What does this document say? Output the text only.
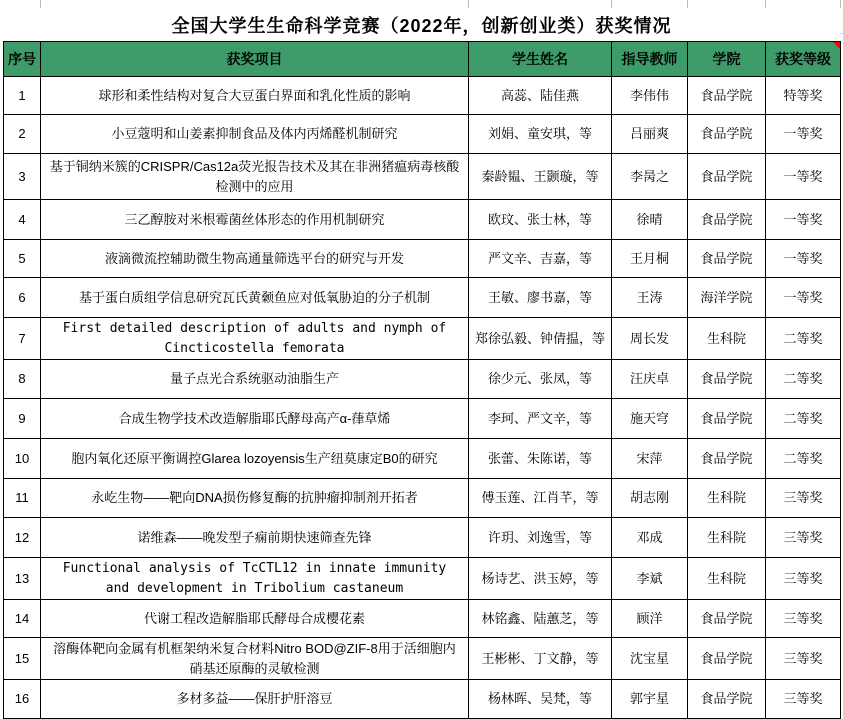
全国大学生生命科学竞赛（2022年，创新创业类）获奖情况
序号	获奖项目	学生姓名	指导教师	学院	获奖等级

1	球形和柔性结构对复合大豆蛋白界面和乳化性质的影响	高蕊、陆佳燕	李伟伟	食品学院	特等奖
2	小豆蔻明和山姜素抑制食品及体内丙烯醛机制研究	刘娟、童安琪，等	吕丽爽	食品学院	一等奖
3	基于铜纳米簇的CRISPR/Cas12a荧光报告技术及其在非洲猪瘟病毒核酸检测中的应用	秦龄韫、王颢璇，等	李昺之	食品学院	一等奖
4	三乙醇胺对米根霉菌丝体形态的作用机制研究	欧玟、张士林，等	徐晴	食品学院	一等奖
5	液滴微流控辅助微生物高通量筛选平台的研究与开发	严文辛、吉嘉，等	王月桐	食品学院	一等奖
6	基于蛋白质组学信息研究瓦氏黄颡鱼应对低氧胁迫的分子机制	王敏、廖书嘉，等	王涛	海洋学院	一等奖
7	First detailed description of adults and nymph of Cincticostella femorata	郑徐弘毅、钟倩揾，等	周长发	生科院	二等奖
8	量子点光合系统驱动油脂生产	徐少元、张凤，等	汪庆卓	食品学院	二等奖
9	合成生物学技术改造解脂耶氏酵母高产α-葎草烯	李珂、严文辛，等	施天穹	食品学院	二等奖
10	胞内氧化还原平衡调控Glarea lozoyensis生产纽莫康定B0的研究	张蕾、朱陈诺，等	宋萍	食品学院	二等奖
11	永屹生物——靶向DNA损伤修复酶的抗肿瘤抑制剂开拓者	傅玉莲、江肖芊，等	胡志刚	生科院	三等奖
12	诺维森——晚发型子痫前期快速筛查先锋	许玥、刘逸雪，等	邓成	生科院	三等奖
13	Functional analysis of TcCTL12 in innate immunity and development in Tribolium castaneum	杨诗艺、洪玉婷，等	李斌	生科院	三等奖
14	代谢工程改造解脂耶氏酵母合成樱花素	林铭鑫、陆蕙芝，等	顾洋	食品学院	三等奖
15	溶酶体靶向金属有机框架纳米复合材料Nitro BOD@ZIF-8用于活细胞内硝基还原酶的灵敏检测	王彬彬、丁文静，等	沈宝星	食品学院	三等奖
16	多材多益——保肝护肝溶豆	杨林晖、吴梵，等	郭宇星	食品学院	三等奖
